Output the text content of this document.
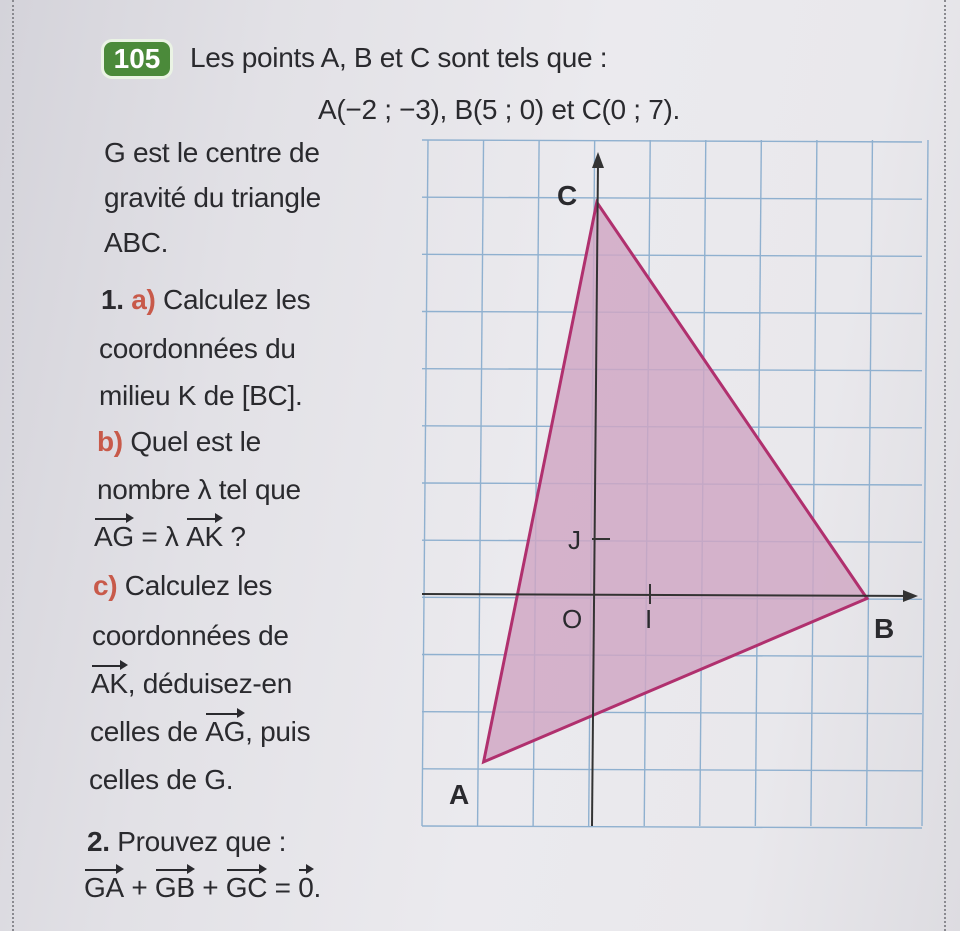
105	Les points A, B et C sont tels que :
A(−2 ; −3), B(5 ; 0) et C(0 ; 7).
G est le centre de
gravité du triangle
ABC.
1. a) Calculez les
coordonnées du
milieu K de [BC].
b) Quel est le
nombre λ tel que
AG = λ AK ?
c) Calculez les
coordonnées de
AK, déduisez-en
celles de AG, puis
celles de G.
2. Prouvez que :
GA + GB + GC = 0.
C
B
A
O I
J
